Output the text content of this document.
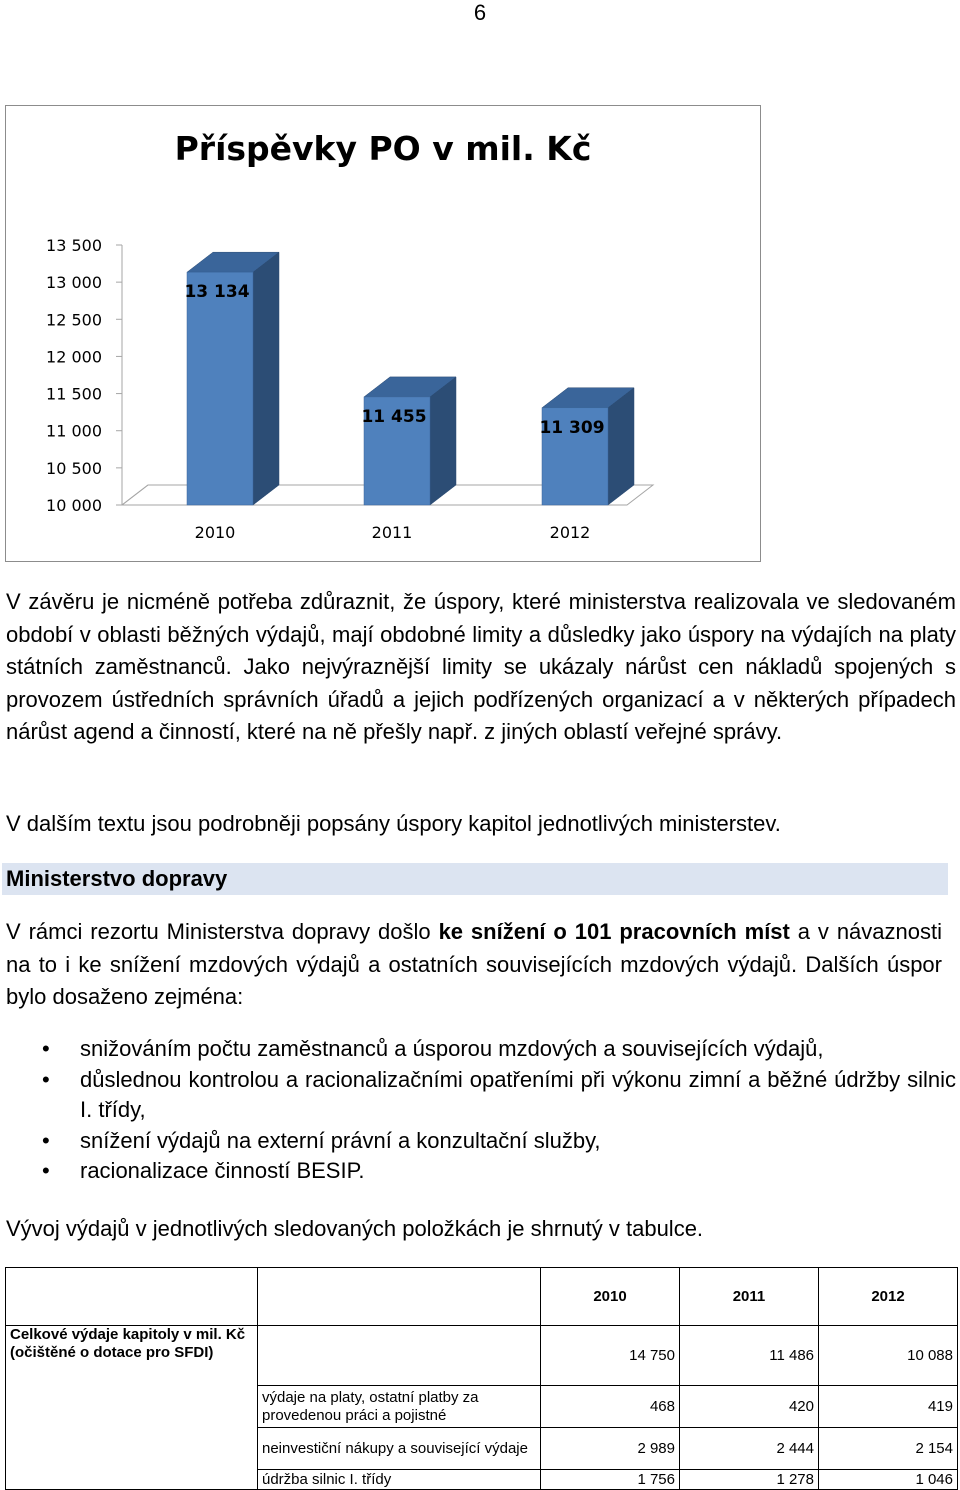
6
Příspěvky PO v mil. Kč
10 000
10 500
11 000
11 500
12 000
12 500
13 000
13 500
13 134
2010
11 455
2011
11 309
2012

V závěru je nicméně potřeba zdůraznit, že úspory, které ministerstva realizovala ve sledovaném období v oblasti běžných výdajů, mají obdobné limity a důsledky jako úspory na výdajích na platy státních zaměstnanců. Jako nejvýraznější limity se ukázaly nárůst cen nákladů spojených s provozem ústředních správních úřadů a jejich podřízených organizací a v některých případech nárůst agend a činností, které na ně přešly např. z jiných oblastí veřejné správy.

V dalším textu jsou podrobněji popsány úspory kapitol jednotlivých ministerstev.

Ministerstvo dopravy

V rámci rezortu Ministerstva dopravy došlo ke snížení o 101 pracovních míst a v návaznosti na to i ke snížení mzdových výdajů a ostatních souvisejících mzdových výdajů. Dalších úspor bylo dosaženo zejména:

• snižováním počtu zaměstnanců a úsporou mzdových a souvisejících výdajů,
• důslednou kontrolou a racionalizačními opatřeními při výkonu zimní a běžné údržby silnic I. třídy,
• snížení výdajů na externí právní a konzultační služby,
• racionalizace činností BESIP.

Vývoj výdajů v jednotlivých sledovaných položkách je shrnutý v tabulce.

		2010	2011	2012
Celkové výdaje kapitoly v mil. Kč (očištěné o dotace pro SFDI)		14 750	11 486	10 088
	výdaje na platy, ostatní platby za provedenou práci a pojistné	468	420	419
	neinvestiční nákupy a související výdaje	2 989	2 444	2 154
	údržba silnic I. třídy	1 756	1 278	1 046
